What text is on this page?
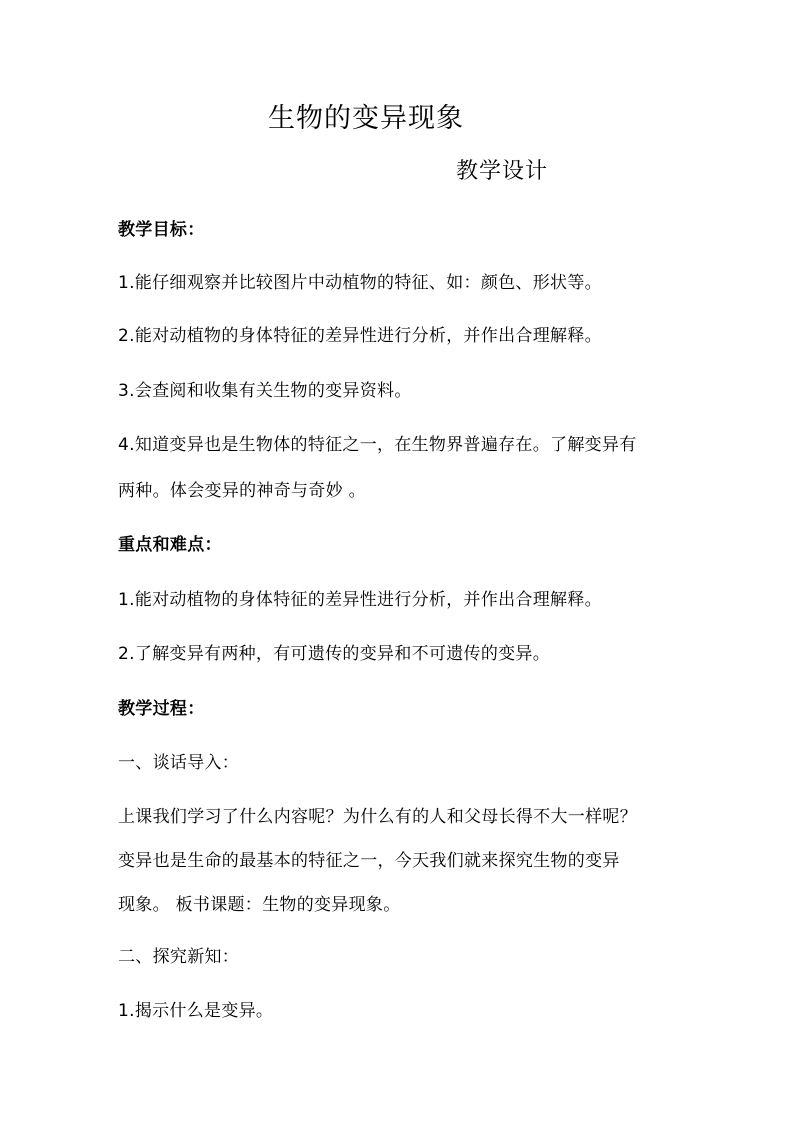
生物的变异现象
教学设计
教学目标：
1.能仔细观察并比较图片中动植物的特征、如：颜色、形状等。
2.能对动植物的身体特征的差异性进行分析，并作出合理解释。
3.会查阅和收集有关生物的变异资料。
4.知道变异也是生物体的特征之一，在生物界普遍存在。了解变异有
两种。体会变异的神奇与奇妙 。
重点和难点：
1.能对动植物的身体特征的差异性进行分析，并作出合理解释。
2.了解变异有两种，有可遗传的变异和不可遗传的变异。
教学过程：
一、谈话导入：
上课我们学习了什么内容呢？为什么有的人和父母长得不大一样呢？
变异也是生命的最基本的特征之一，今天我们就来探究生物的变异
现象。 板书课题：生物的变异现象。
二、探究新知：
1.揭示什么是变异。
